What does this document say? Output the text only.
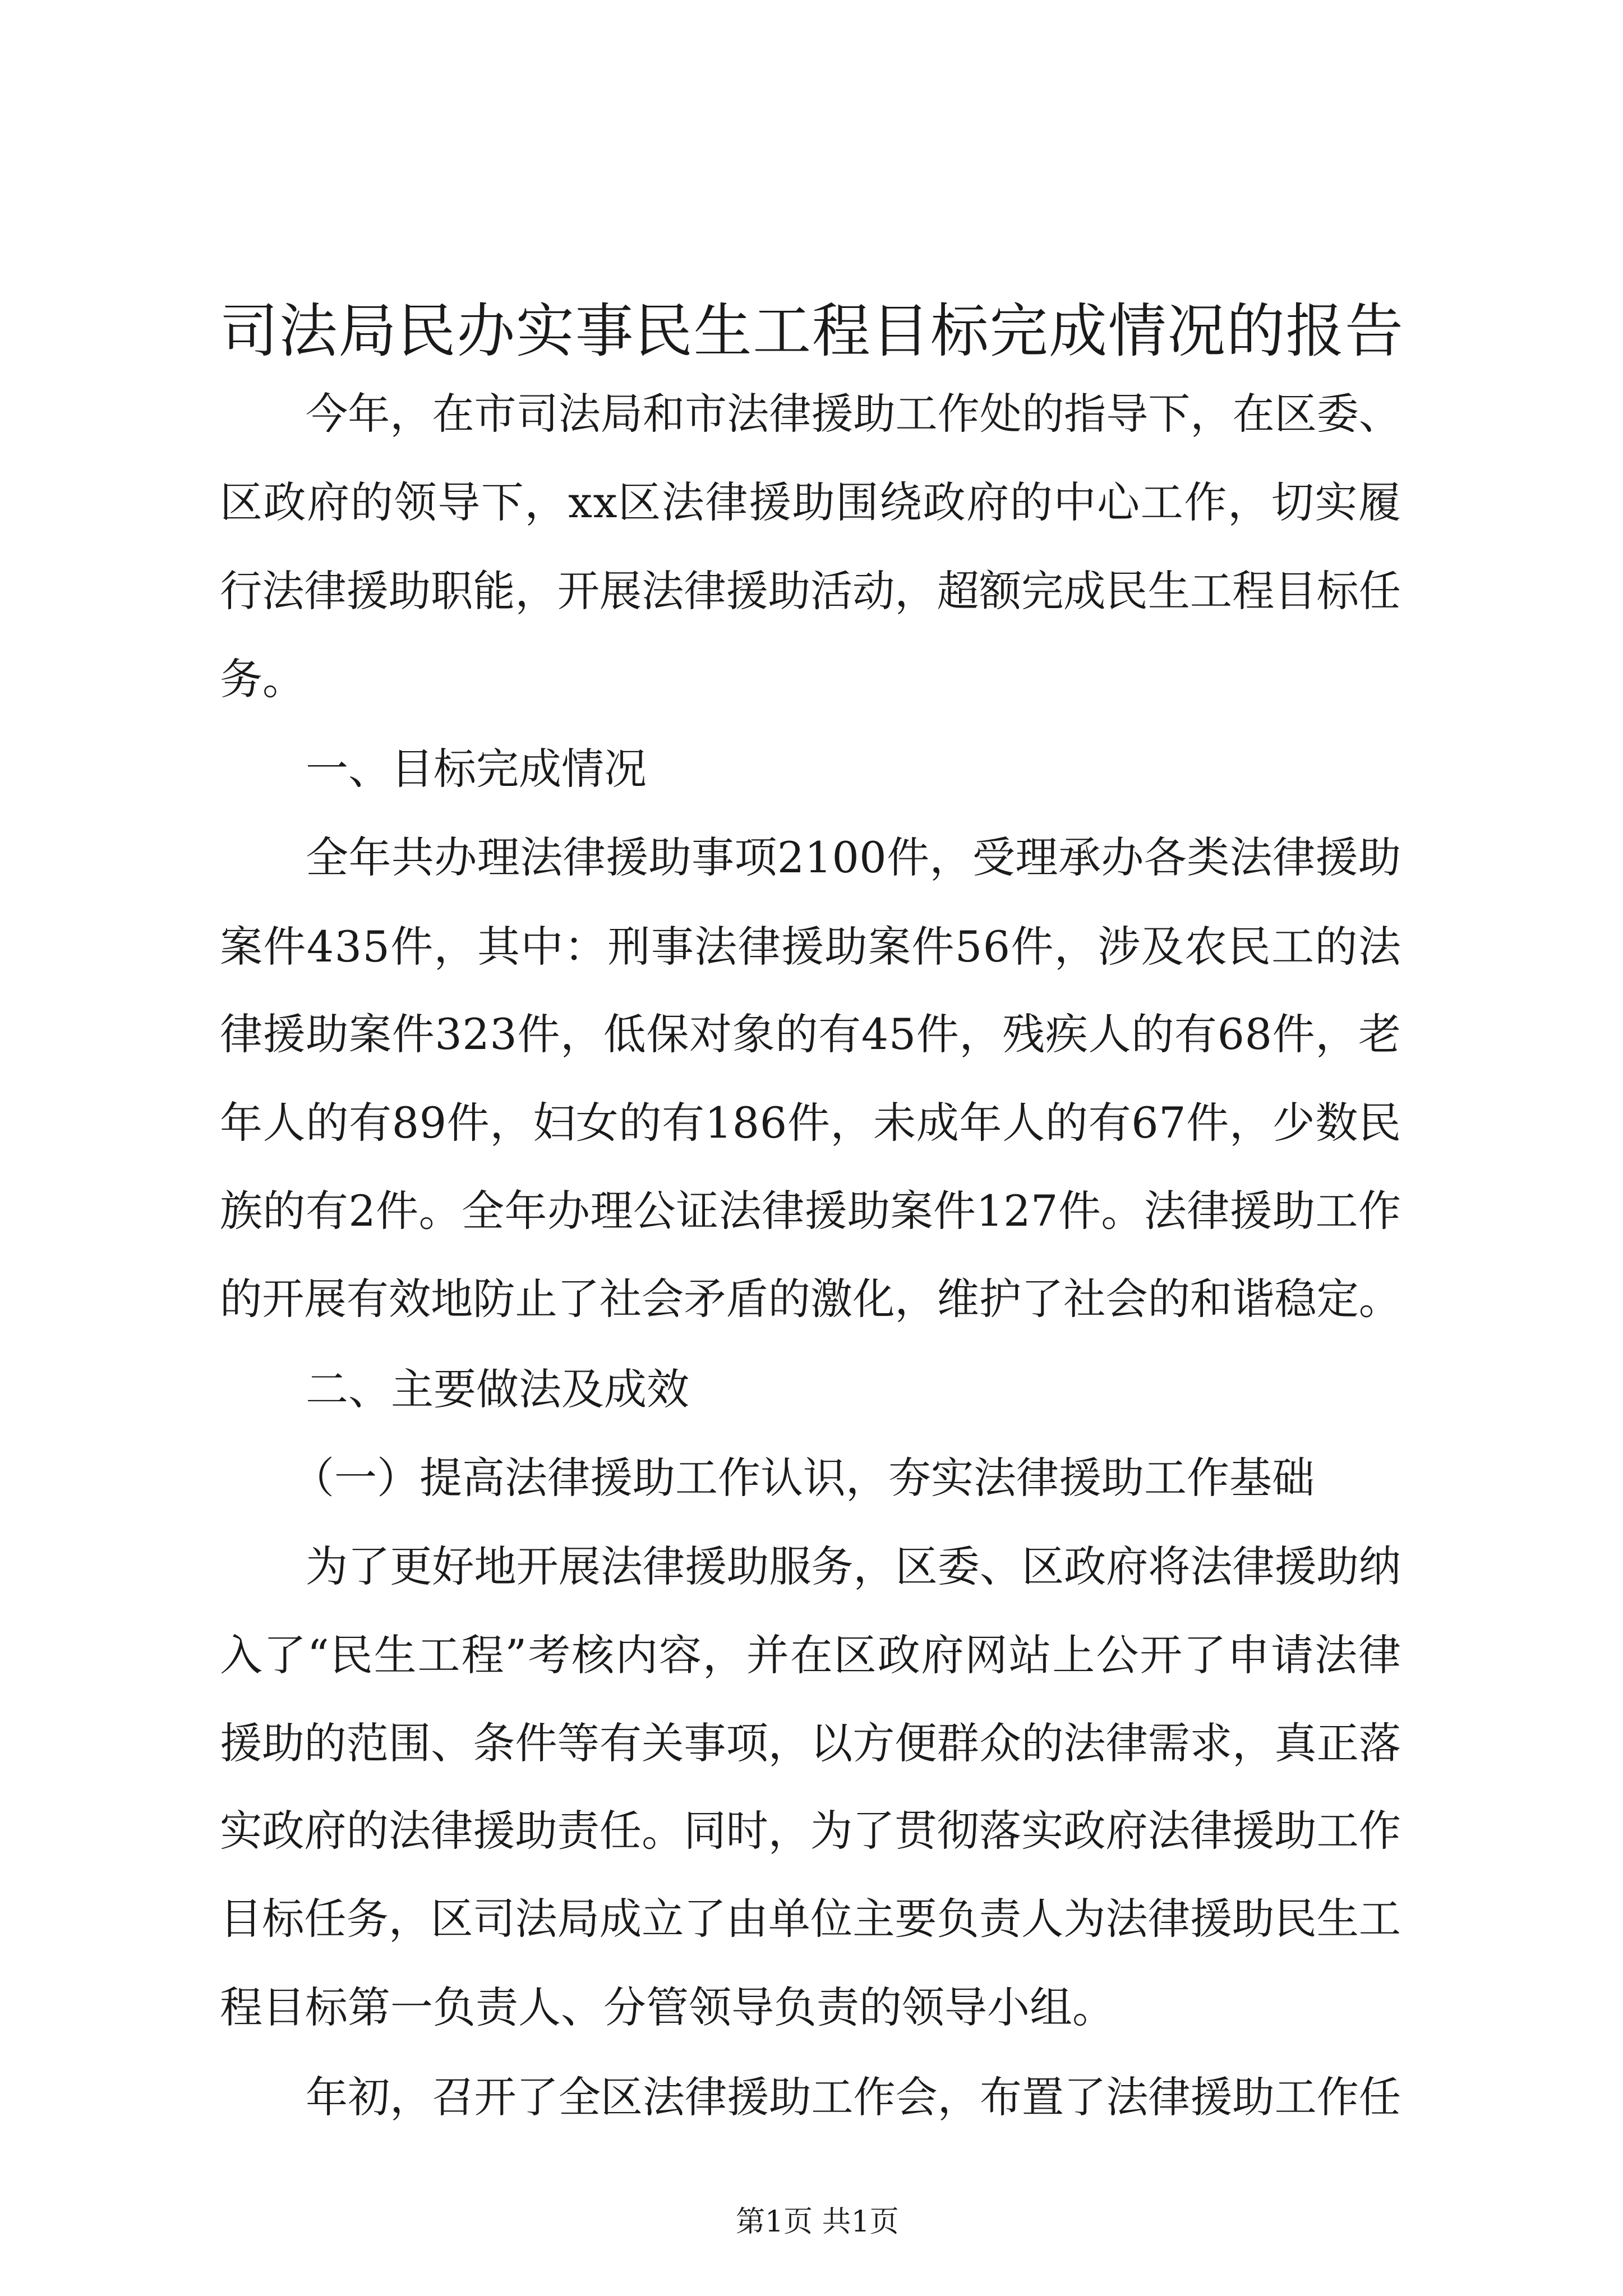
司法局民办实事民生工程目标完成情况的报告
今年，在市司法局和市法律援助工作处的指导下，在区委、
区政府的领导下，xx区法律援助围绕政府的中心工作，切实履
行法律援助职能，开展法律援助活动，超额完成民生工程目标任
务。
一、目标完成情况
全年共办理法律援助事项2100件，受理承办各类法律援助
案件435件，其中：刑事法律援助案件56件，涉及农民工的法
律援助案件323件，低保对象的有45件，残疾人的有68件，老
年人的有89件，妇女的有186件，未成年人的有67件，少数民
族的有2件。全年办理公证法律援助案件127件。法律援助工作
的开展有效地防止了社会矛盾的激化，维护了社会的和谐稳定。
二、主要做法及成效
（一）提高法律援助工作认识，夯实法律援助工作基础
为了更好地开展法律援助服务，区委、区政府将法律援助纳
入了“民生工程”考核内容，并在区政府网站上公开了申请法律
援助的范围、条件等有关事项，以方便群众的法律需求，真正落
实政府的法律援助责任。同时，为了贯彻落实政府法律援助工作
目标任务，区司法局成立了由单位主要负责人为法律援助民生工
程目标第一负责人、分管领导负责的领导小组。
年初，召开了全区法律援助工作会，布置了法律援助工作任
第1页 共1页
